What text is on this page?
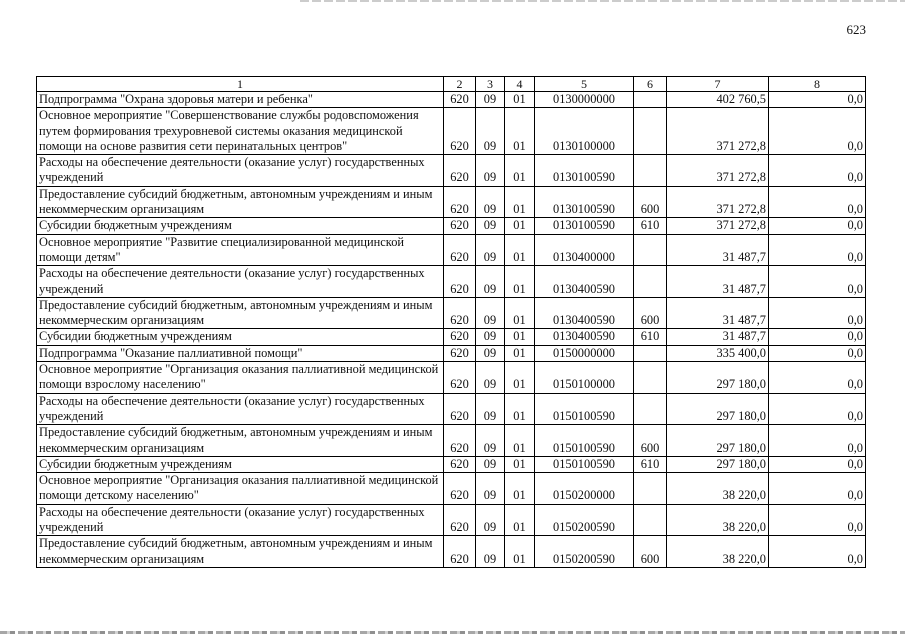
623
1	2	3	4	5	6	7	8
Подпрограмма "Охрана здоровья матери и ребенка"	620	09	01	0130000000		402 760,5	0,0
Основное мероприятие "Совершенствование службы родовспоможения путем формирования трехуровневой системы оказания медицинской помощи на основе развития сети перинатальных центров"	620	09	01	0130100000		371 272,8	0,0
Расходы на обеспечение деятельности (оказание услуг) государственных учреждений	620	09	01	0130100590		371 272,8	0,0
Предоставление субсидий бюджетным, автономным учреждениям и иным некоммерческим организациям	620	09	01	0130100590	600	371 272,8	0,0
Субсидии бюджетным учреждениям	620	09	01	0130100590	610	371 272,8	0,0
Основное мероприятие "Развитие специализированной медицинской помощи детям"	620	09	01	0130400000		31 487,7	0,0
Расходы на обеспечение деятельности (оказание услуг) государственных учреждений	620	09	01	0130400590		31 487,7	0,0
Предоставление субсидий бюджетным, автономным учреждениям и иным некоммерческим организациям	620	09	01	0130400590	600	31 487,7	0,0
Субсидии бюджетным учреждениям	620	09	01	0130400590	610	31 487,7	0,0
Подпрограмма "Оказание паллиативной помощи"	620	09	01	0150000000		335 400,0	0,0
Основное мероприятие "Организация оказания паллиативной медицинской помощи взрослому населению"	620	09	01	0150100000		297 180,0	0,0
Расходы на обеспечение деятельности (оказание услуг) государственных учреждений	620	09	01	0150100590		297 180,0	0,0
Предоставление субсидий бюджетным, автономным учреждениям и иным некоммерческим организациям	620	09	01	0150100590	600	297 180,0	0,0
Субсидии бюджетным учреждениям	620	09	01	0150100590	610	297 180,0	0,0
Основное мероприятие "Организация оказания паллиативной медицинской помощи детскому населению"	620	09	01	0150200000		38 220,0	0,0
Расходы на обеспечение деятельности (оказание услуг) государственных учреждений	620	09	01	0150200590		38 220,0	0,0
Предоставление субсидий бюджетным, автономным учреждениям и иным некоммерческим организациям	620	09	01	0150200590	600	38 220,0	0,0
